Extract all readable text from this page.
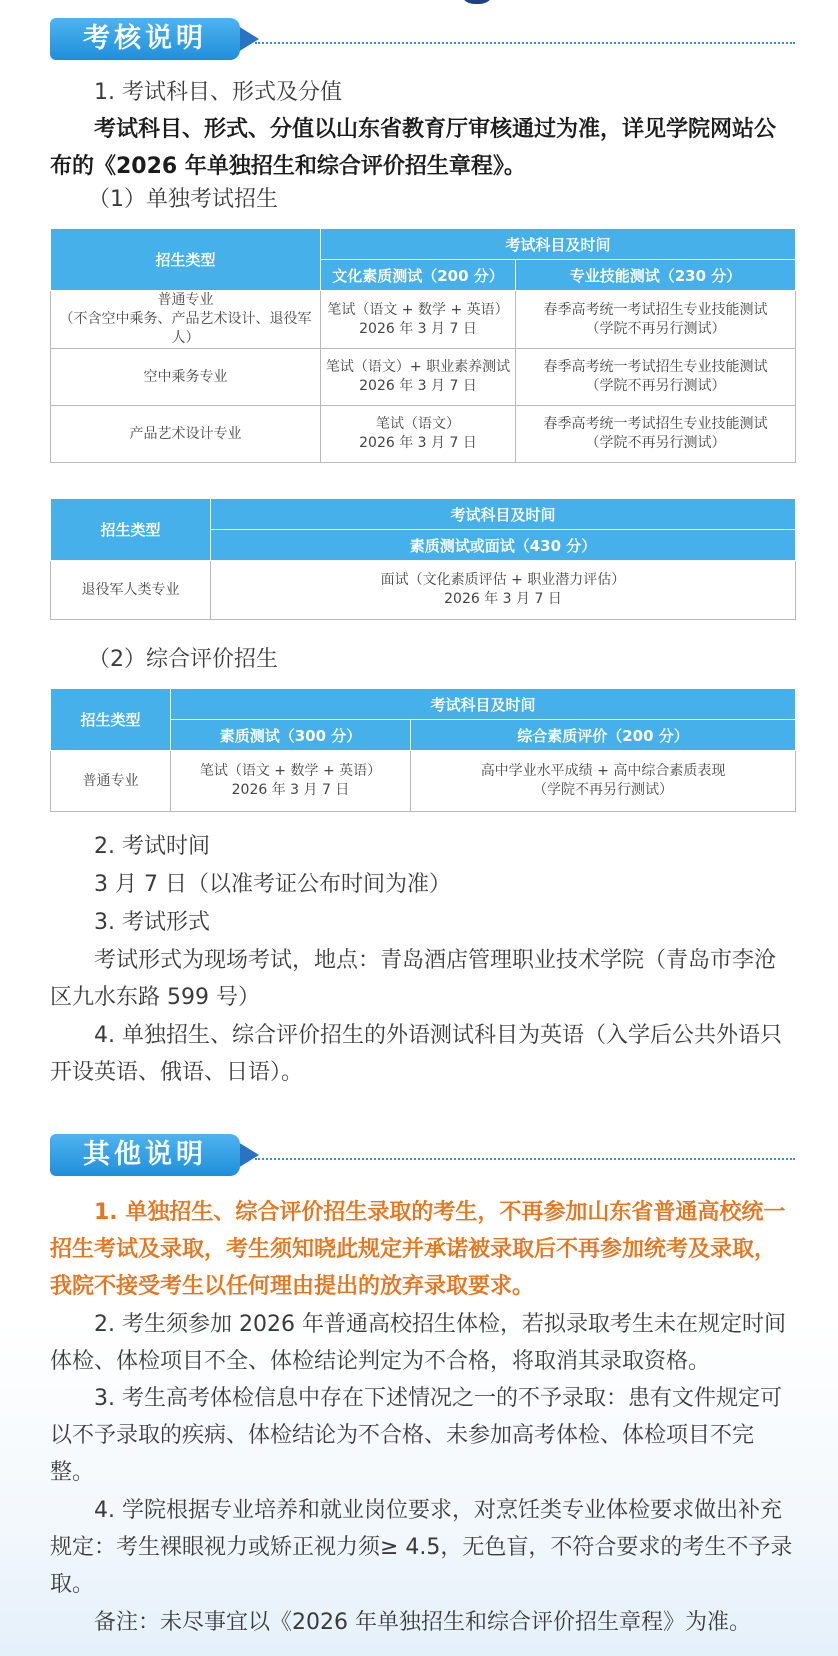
考核说明

1. 考试科目、形式及分值

考试科目、形式、分值以山东省教育厅审核通过为准，详见学院网站公布的《2026 年单独招生和综合评价招生章程》。

（1）单独考试招生

招生类型	考试科目及时间	
	文化素质测试（200 分）	专业技能测试（230 分）

普通专业
（不含空中乘务、产品艺术设计、退役军人）	笔试（语文 + 数学 + 英语）
2026 年 3 月 7 日	春季高考统一考试招生专业技能测试
（学院不再另行测试）

空中乘务专业	笔试（语文）+ 职业素养测试
2026 年 3 月 7 日	春季高考统一考试招生专业技能测试
（学院不再另行测试）

产品艺术设计专业	笔试（语文）
2026 年 3 月 7 日	春季高考统一考试招生专业技能测试
（学院不再另行测试）
招生类型	考试科目及时间
	素质测试或面试（430 分）

退役军人类专业	面试（文化素质评估 + 职业潜力评估）
2026 年 3 月 7 日

（2）综合评价招生

招生类型	考试科目及时间	
	素质测试（300 分）	综合素质评价（200 分）

普通专业	笔试（语文 + 数学 + 英语）
2026 年 3 月 7 日	高中学业水平成绩 + 高中综合素质表现
（学院不再另行测试）

2. 考试时间

3 月 7 日（以准考证公布时间为准）

3. 考试形式

考试形式为现场考试，地点：青岛酒店管理职业技术学院（青岛市李沧区九水东路 599 号）

4. 单独招生、综合评价招生的外语测试科目为英语（入学后公共外语只开设英语、俄语、日语）。

其他说明

1. 单独招生、综合评价招生录取的考生，不再参加山东省普通高校统一招生考试及录取，考生须知晓此规定并承诺被录取后不再参加统考及录取，我院不接受考生以任何理由提出的放弃录取要求。

2. 考生须参加 2026 年普通高校招生体检，若拟录取考生未在规定时间体检、体检项目不全、体检结论判定为不合格，将取消其录取资格。

3. 考生高考体检信息中存在下述情况之一的不予录取：患有文件规定可以不予录取的疾病、体检结论为不合格、未参加高考体检、体检项目不完整。

4. 学院根据专业培养和就业岗位要求，对烹饪类专业体检要求做出补充规定：考生裸眼视力或矫正视力须≥ 4.5，无色盲，不符合要求的考生不予录取。

备注：未尽事宜以《2026 年单独招生和综合评价招生章程》为准。
